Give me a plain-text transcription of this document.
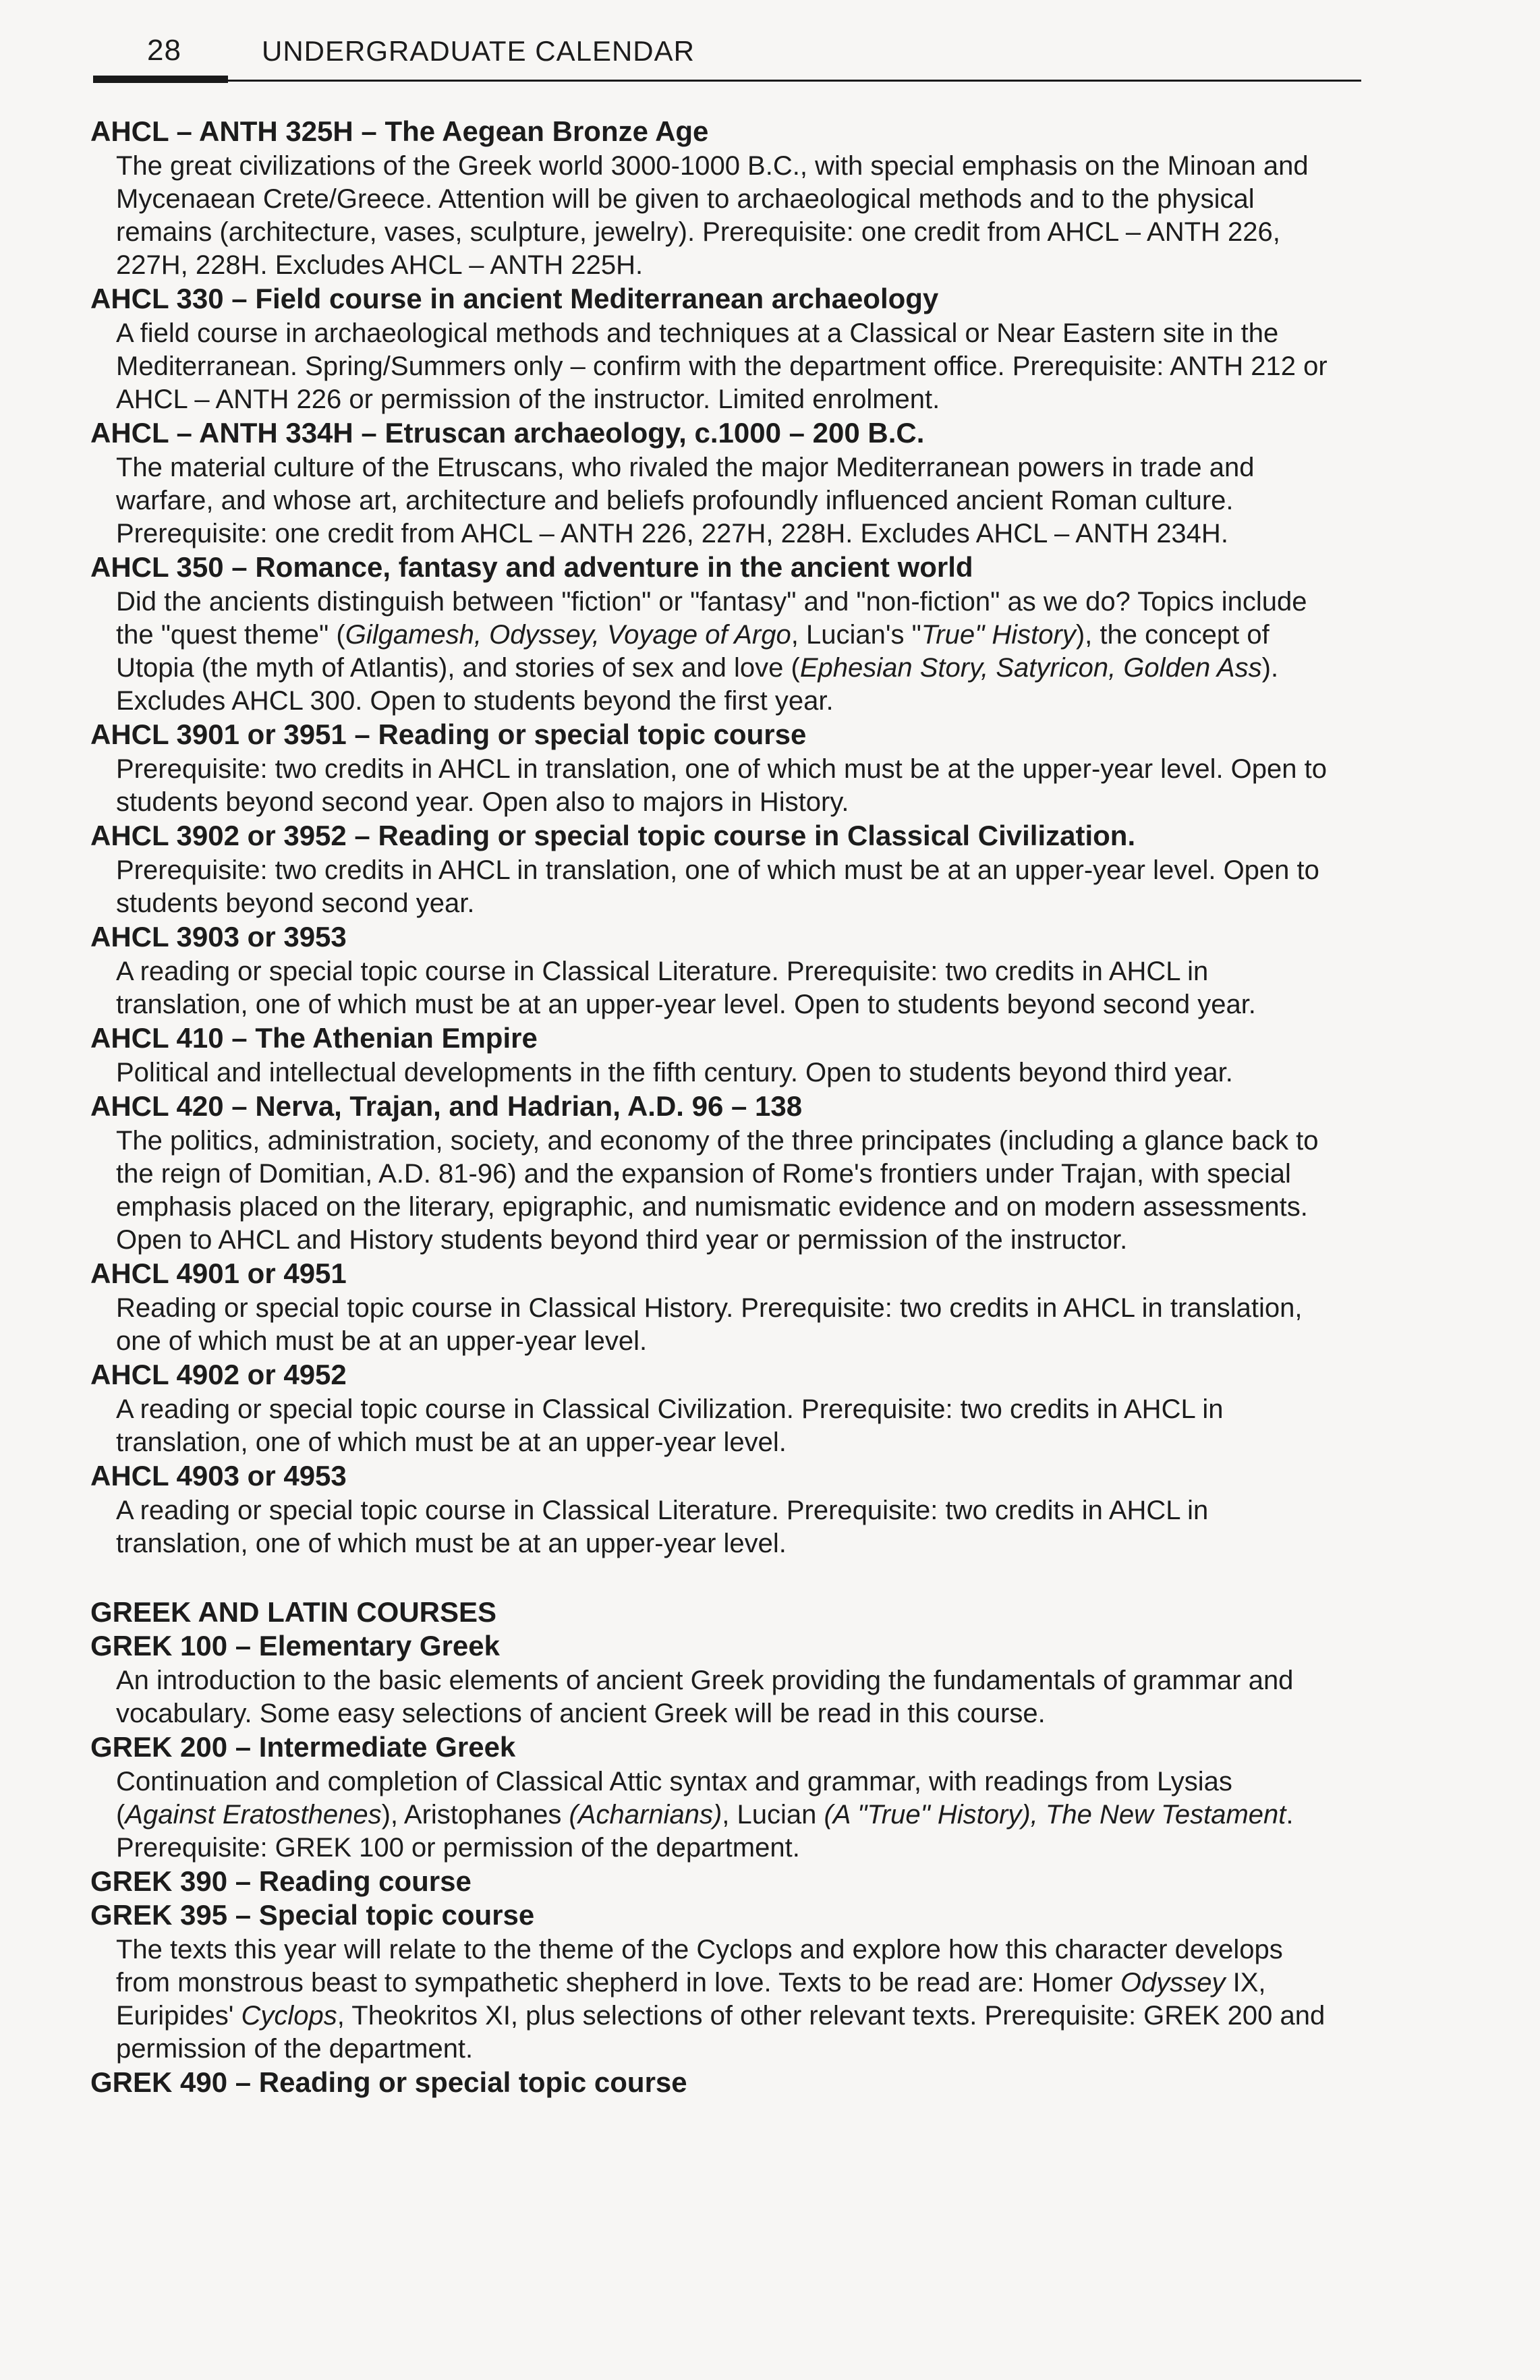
28	UNDERGRADUATE CALENDAR

AHCL – ANTH 325H – The Aegean Bronze Age

The great civilizations of the Greek world 3000-1000 B.C., with special emphasis on the Minoan and Mycenaean Crete/Greece. Attention will be given to archaeological methods and to the physical remains (architecture, vases, sculpture, jewelry). Prerequisite: one credit from AHCL – ANTH 226, 227H, 228H. Excludes AHCL – ANTH 225H.

AHCL 330 – Field course in ancient Mediterranean archaeology

A field course in archaeological methods and techniques at a Classical or Near Eastern site in the Mediterranean. Spring/Summers only – confirm with the department office. Prerequisite: ANTH 212 or AHCL – ANTH 226 or permission of the instructor. Limited enrolment.

AHCL – ANTH 334H – Etruscan archaeology, c.1000 – 200 B.C.

The material culture of the Etruscans, who rivaled the major Mediterranean powers in trade and warfare, and whose art, architecture and beliefs profoundly influenced ancient Roman culture. Prerequisite: one credit from AHCL – ANTH 226, 227H, 228H. Excludes AHCL – ANTH 234H.

AHCL 350 – Romance, fantasy and adventure in the ancient world

Did the ancients distinguish between "fiction" or "fantasy" and "non-fiction" as we do? Topics include the "quest theme" (Gilgamesh, Odyssey, Voyage of Argo, Lucian's "True" History), the concept of Utopia (the myth of Atlantis), and stories of sex and love (Ephesian Story, Satyricon, Golden Ass). Excludes AHCL 300. Open to students beyond the first year.

AHCL 3901 or 3951 – Reading or special topic course

Prerequisite: two credits in AHCL in translation, one of which must be at the upper-year level. Open to students beyond second year. Open also to majors in History.

AHCL 3902 or 3952 – Reading or special topic course in Classical Civilization.

Prerequisite: two credits in AHCL in translation, one of which must be at an upper-year level. Open to students beyond second year.

AHCL 3903 or 3953

A reading or special topic course in Classical Literature. Prerequisite: two credits in AHCL in translation, one of which must be at an upper-year level. Open to students beyond second year.

AHCL 410 – The Athenian Empire

Political and intellectual developments in the fifth century. Open to students beyond third year.

AHCL 420 – Nerva, Trajan, and Hadrian, A.D. 96 – 138

The politics, administration, society, and economy of the three principates (including a glance back to the reign of Domitian, A.D. 81-96) and the expansion of Rome's frontiers under Trajan, with special emphasis placed on the literary, epigraphic, and numismatic evidence and on modern assessments. Open to AHCL and History students beyond third year or permission of the instructor.

AHCL 4901 or 4951

Reading or special topic course in Classical History. Prerequisite: two credits in AHCL in translation, one of which must be at an upper-year level.

AHCL 4902 or 4952

A reading or special topic course in Classical Civilization. Prerequisite: two credits in AHCL in translation, one of which must be at an upper-year level.

AHCL 4903 or 4953

A reading or special topic course in Classical Literature. Prerequisite: two credits in AHCL in translation, one of which must be at an upper-year level.

GREEK AND LATIN COURSES

GREK 100 – Elementary Greek

An introduction to the basic elements of ancient Greek providing the fundamentals of grammar and vocabulary. Some easy selections of ancient Greek will be read in this course.

GREK 200 – Intermediate Greek

Continuation and completion of Classical Attic syntax and grammar, with readings from Lysias (Against Eratosthenes), Aristophanes (Acharnians), Lucian (A "True" History), The New Testament. Prerequisite: GREK 100 or permission of the department.

GREK 390 – Reading course

GREK 395 – Special topic course

The texts this year will relate to the theme of the Cyclops and explore how this character develops from monstrous beast to sympathetic shepherd in love. Texts to be read are: Homer Odyssey IX, Euripides' Cyclops, Theokritos XI, plus selections of other relevant texts. Prerequisite: GREK 200 and permission of the department.

GREK 490 – Reading or special topic course
